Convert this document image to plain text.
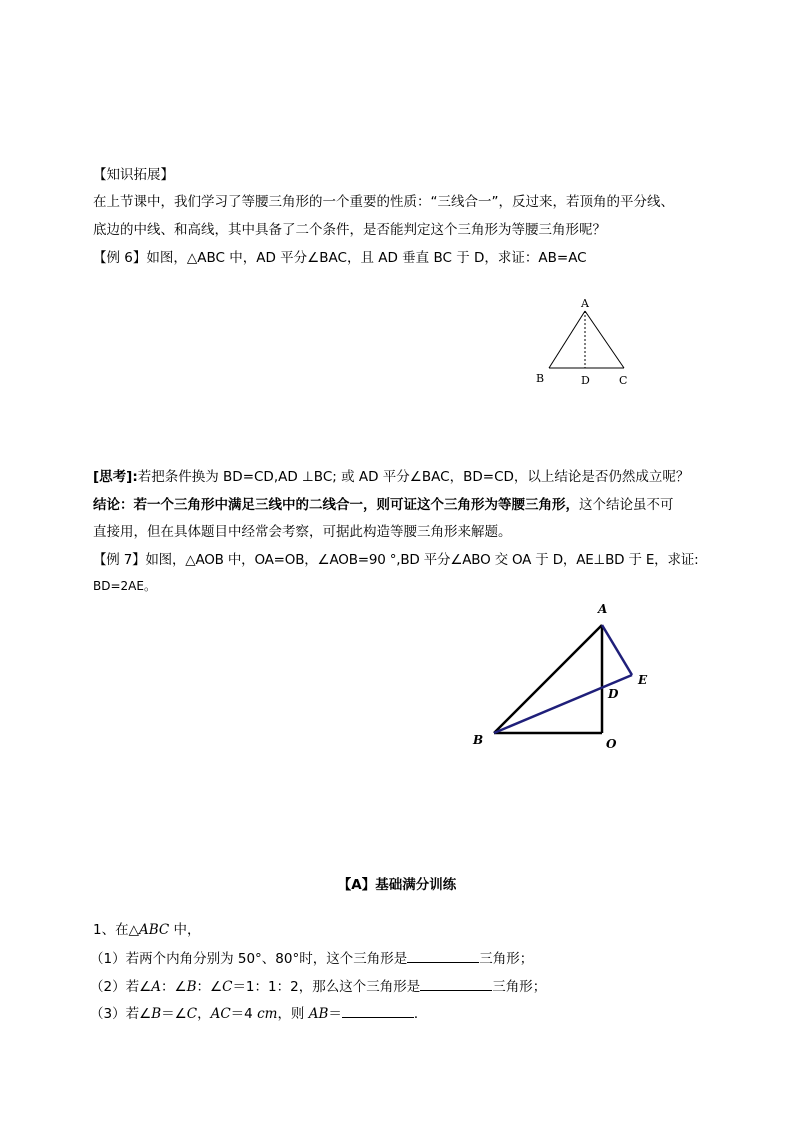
【知识拓展】
在上节课中，我们学习了等腰三角形的一个重要的性质：“三线合一”，反过来，若顶角的平分线、
底边的中线、和高线，其中具备了二个条件，是否能判定这个三角形为等腰三角形呢？
【例 6】如图，△ABC 中，AD 平分∠BAC，且 AD 垂直 BC 于 D，求证：AB=AC
A
B	D	C
[思考]:若把条件换为 BD=CD,AD ⊥BC; 或 AD 平分∠BAC，BD=CD，以上结论是否仍然成立呢？
结论：若一个三角形中满足三线中的二线合一，则可证这个三角形为等腰三角形，这个结论虽不可
直接用，但在具体题目中经常会考察，可据此构造等腰三角形来解题。
【例 7】如图，△AOB 中，OA=OB，∠AOB=90 °,BD 平分∠ABO 交 OA 于 D，AE⊥BD 于 E，求证:
BD=2AE。
A
E
D
B	O
【A】基础满分训练
1、在△ABC 中，
（1）若两个内角分别为 50°、80°时，这个三角形是	三角形；
（2）若∠A：∠B：∠C＝1：1：2，那么这个三角形是	三角形；
（3）若∠B＝∠C，AC＝4 cm，则 AB＝	．
